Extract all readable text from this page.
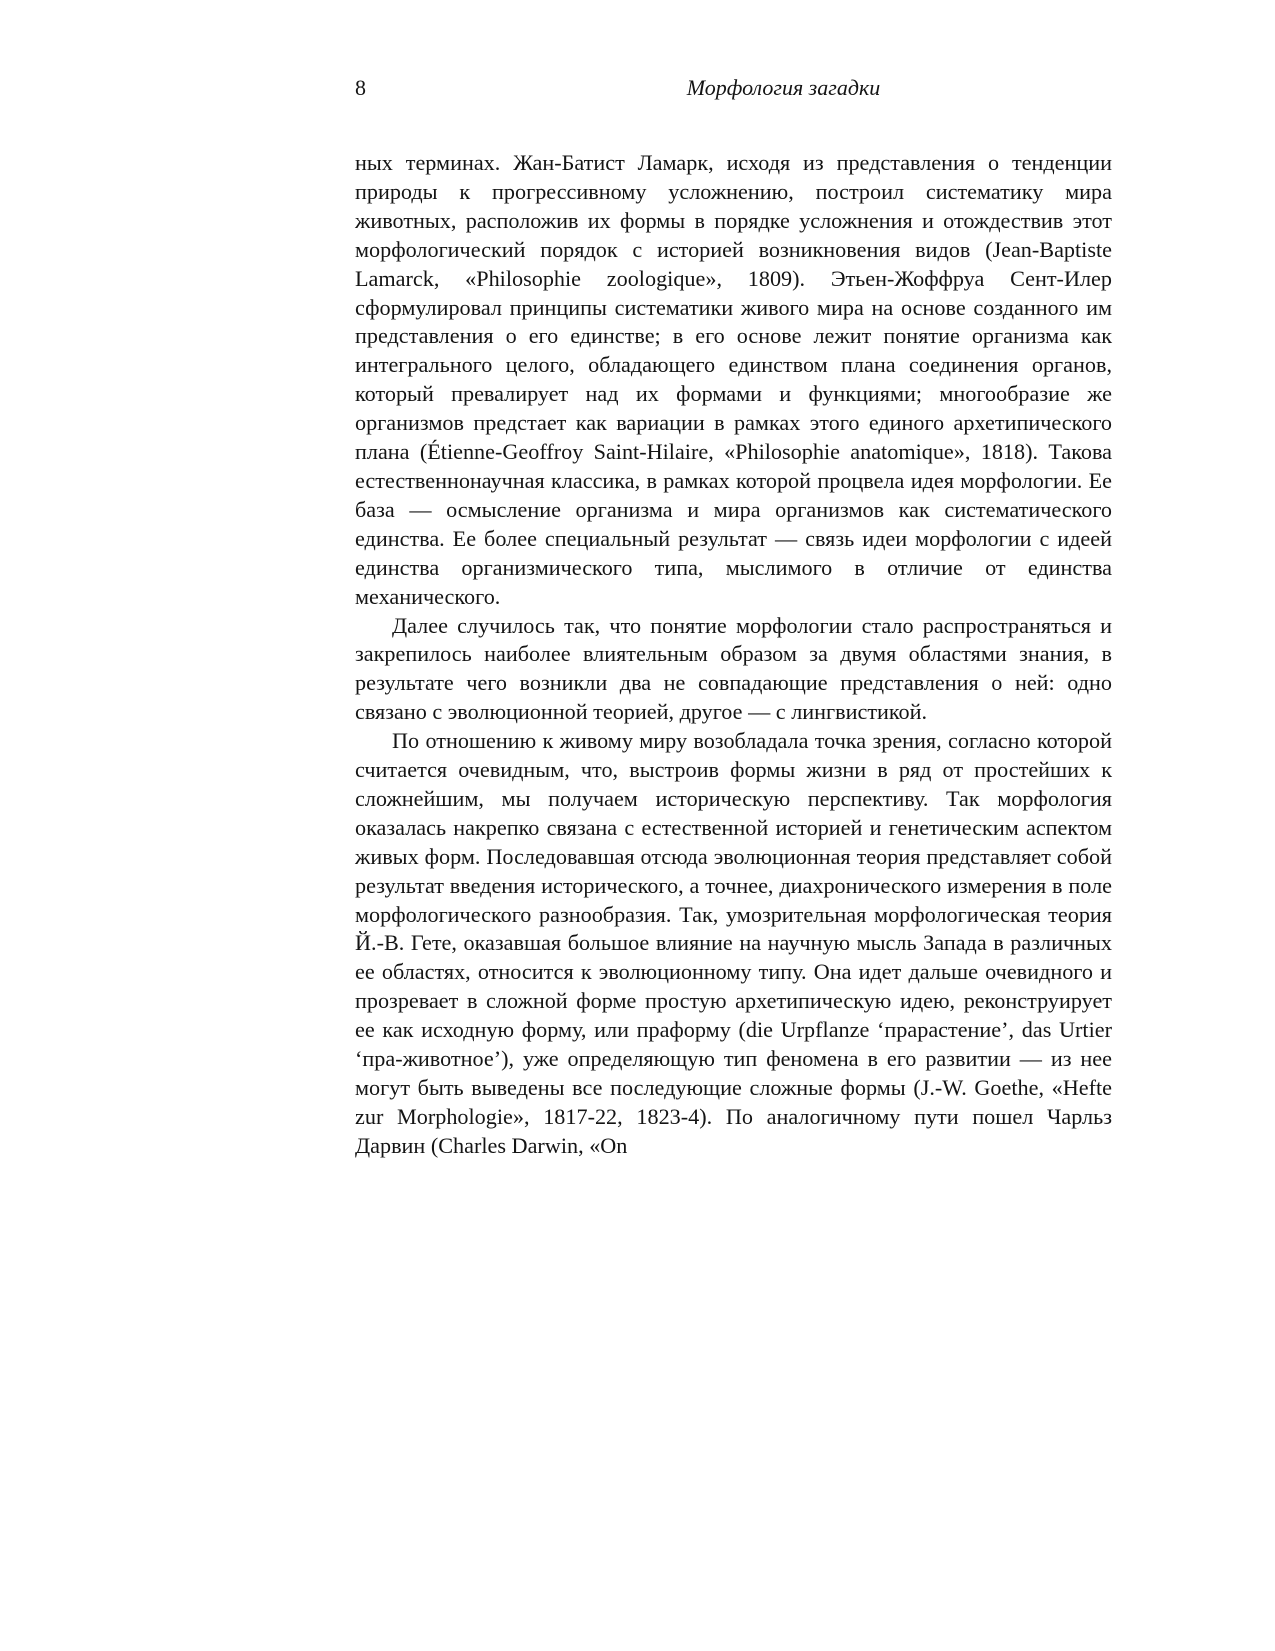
8	Морфология загадки

ных терминах. Жан-Батист Ламарк, исходя из представления о тенденции природы к прогрессивному усложнению, построил систематику мира животных, расположив их формы в порядке усложнения и отождествив этот морфологический порядок с историей возникновения видов (Jean-Baptiste Lamarck, «Philosophie zoologique», 1809). Этьен-Жоффруа Сент-Илер сформулировал принципы систематики живого мира на основе созданного им представления о его единстве; в его основе лежит понятие организма как интегрального целого, обладающего единством плана соединения органов, который превалирует над их формами и функциями; многообразие же организмов предстает как вариации в рамках этого единого архетипического плана (Étienne-Geoffroy Saint-Hilaire, «Philosophie anatomique», 1818). Такова естественнонаучная классика, в рамках которой процвела идея морфологии. Ее база — осмысление организма и мира организмов как систематического единства. Ее более специальный результат — связь идеи морфологии с идеей единства организмического типа, мыслимого в отличие от единства механического.

Далее случилось так, что понятие морфологии стало распространяться и закрепилось наиболее влиятельным образом за двумя областями знания, в результате чего возникли два не совпадающие представления о ней: одно связано с эволюционной теорией, другое — с лингвистикой.

По отношению к живому миру возобладала точка зрения, согласно которой считается очевидным, что, выстроив формы жизни в ряд от простейших к сложнейшим, мы получаем историческую перспективу. Так морфология оказалась накрепко связана с естественной историей и генетическим аспектом живых форм. Последовавшая отсюда эволюционная теория представляет собой результат введения исторического, а точнее, диахронического измерения в поле морфологического разнообразия. Так, умозрительная морфологическая теория Й.-В. Гете, оказавшая большое влияние на научную мысль Запада в различных ее областях, относится к эволюционному типу. Она идет дальше очевидного и прозревает в сложной форме простую архетипическую идею, реконструирует ее как исходную форму, или праформу (die Urpflanze ‘прарастение’, das Urtier ‘пра-животное’), уже определяющую тип феномена в его развитии — из нее могут быть выведены все последующие сложные формы (J.-W. Goethe, «Hefte zur Morphologie», 1817-22, 1823-4). По аналогичному пути пошел Чарльз Дарвин (Charles Darwin, «On
